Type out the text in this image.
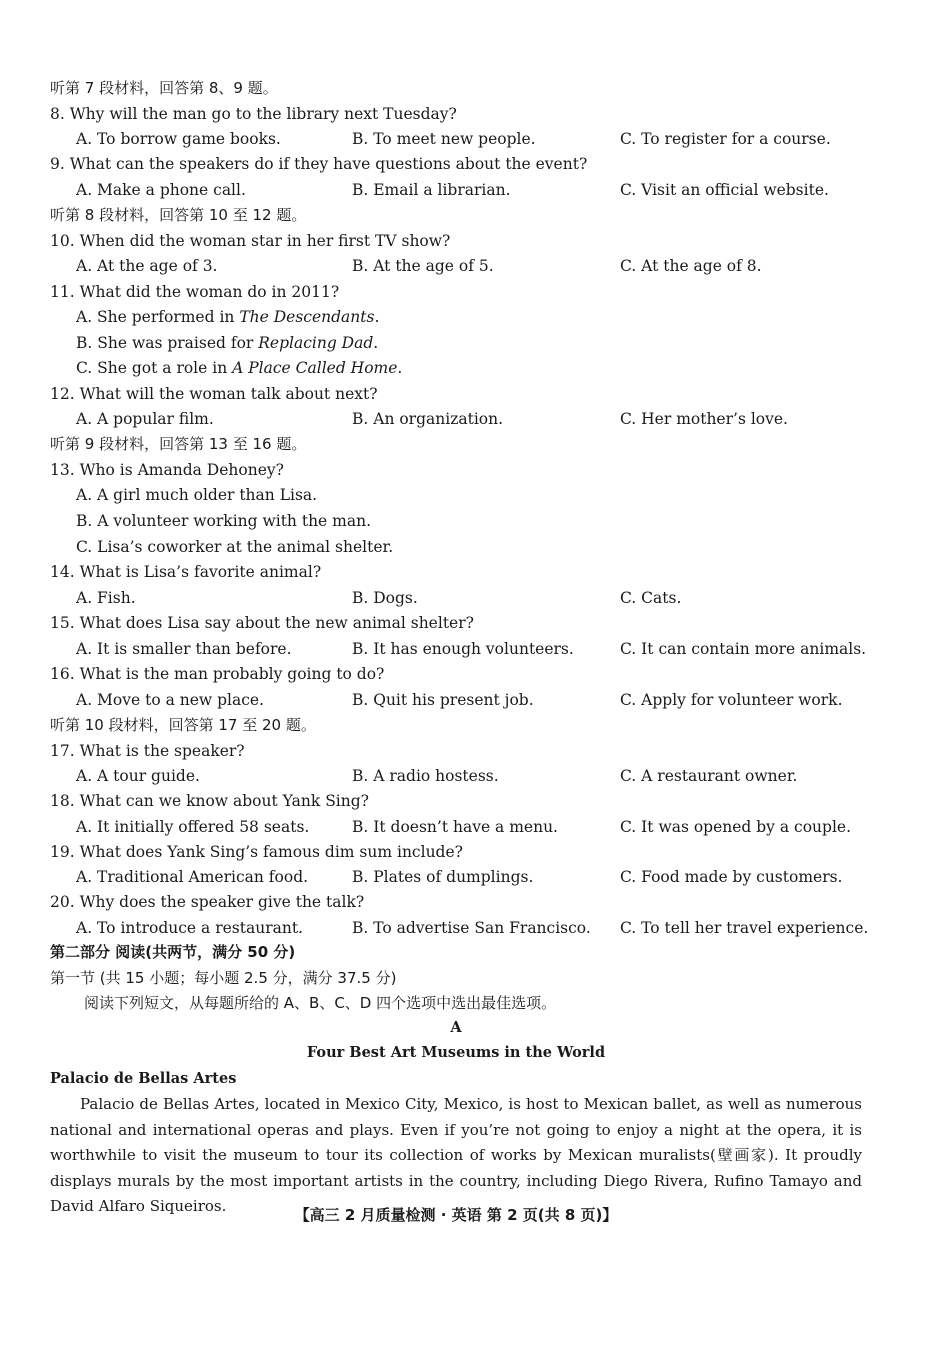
听第 7 段材料，回答第 8、9 题。
8. Why will the man go to the library next Tuesday?
A. To borrow game books.	B. To meet new people.	C. To register for a course.
9. What can the speakers do if they have questions about the event?
A. Make a phone call.	B. Email a librarian.	C. Visit an official website.
听第 8 段材料，回答第 10 至 12 题。
10. When did the woman star in her first TV show?
A. At the age of 3.	B. At the age of 5.	C. At the age of 8.
11. What did the woman do in 2011?
A. She performed in The Descendants.
B. She was praised for Replacing Dad.
C. She got a role in A Place Called Home.
12. What will the woman talk about next?
A. A popular film.	B. An organization.	C. Her mother’s love.
听第 9 段材料，回答第 13 至 16 题。
13. Who is Amanda Dehoney?
A. A girl much older than Lisa.
B. A volunteer working with the man.
C. Lisa’s coworker at the animal shelter.
14. What is Lisa’s favorite animal?
A. Fish.	B. Dogs.	C. Cats.
15. What does Lisa say about the new animal shelter?
A. It is smaller than before.	B. It has enough volunteers.	C. It can contain more animals.
16. What is the man probably going to do?
A. Move to a new place.	B. Quit his present job.	C. Apply for volunteer work.
听第 10 段材料，回答第 17 至 20 题。
17. What is the speaker?
A. A tour guide.	B. A radio hostess.	C. A restaurant owner.
18. What can we know about Yank Sing?
A. It initially offered 58 seats.	B. It doesn’t have a menu.	C. It was opened by a couple.
19. What does Yank Sing’s famous dim sum include?
A. Traditional American food.	B. Plates of dumplings.	C. Food made by customers.
20. Why does the speaker give the talk?
A. To introduce a restaurant.	B. To advertise San Francisco. C. To tell her travel experience.
第二部分 阅读(共两节，满分 50 分)
第一节 (共 15 小题；每小题 2.5 分，满分 37.5 分)
阅读下列短文，从每题所给的 A、B、C、D 四个选项中选出最佳选项。
A
Four Best Art Museums in the World
Palacio de Bellas Artes
Palacio de Bellas Artes, located in Mexico City, Mexico, is host to Mexican ballet, as well as numerous national and international operas and plays. Even if you’re not going to enjoy a night at the opera, it is worthwhile to visit the museum to tour its collection of works by Mexican muralists(壁画家). It proudly displays murals by the most important artists in the country, including Diego Rivera, Rufino Tamayo and David Alfaro Siqueiros.	【高三 2 月质量检测 · 英语 第 2 页(共 8 页)】
